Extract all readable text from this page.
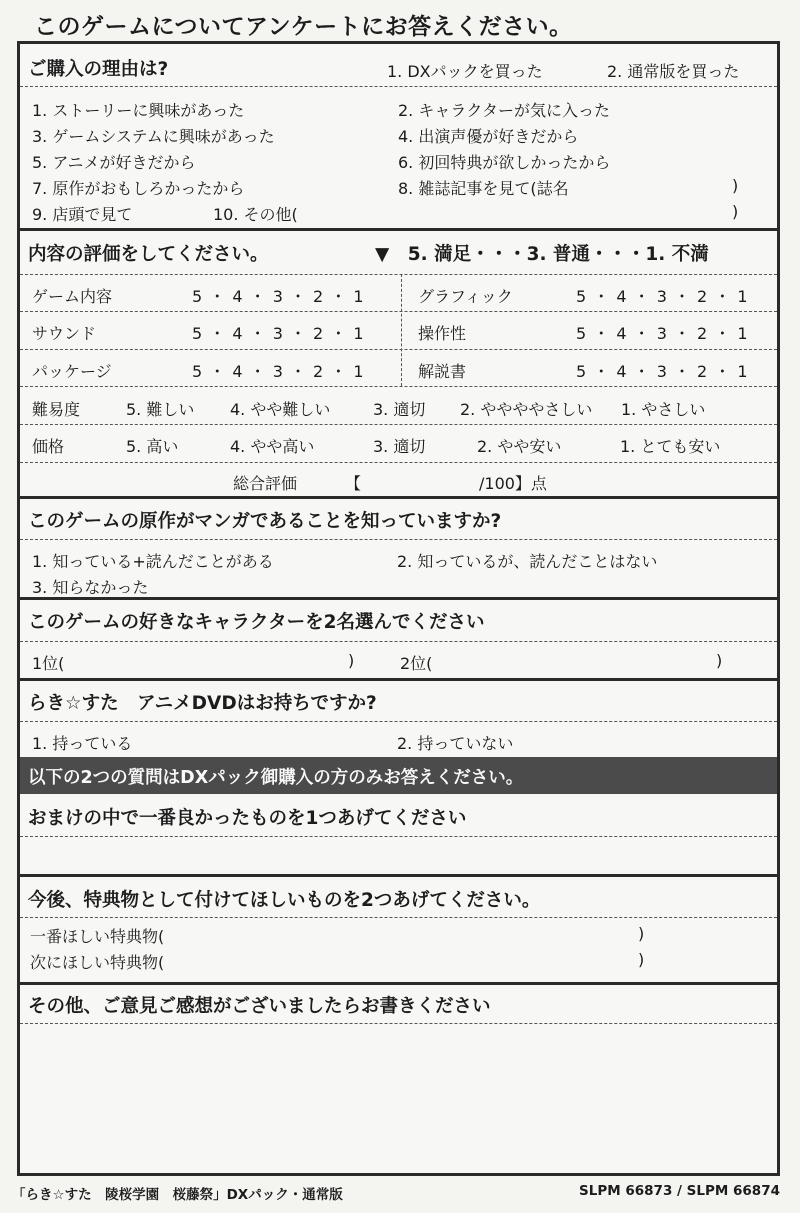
このゲームについてアンケートにお答えください。
ご購入の理由は?	1. DXパックを買った	2. 通常版を買った
1. ストーリーに興味があった	2. キャラクターが気に入った
3. ゲームシステムに興味があった	4. 出演声優が好きだから
5. アニメが好きだから	6. 初回特典が欲しかったから
7. 原作がおもしろかったから	8. 雑誌記事を見て(誌名	)
9. 店頭で見て	10. その他(	)
内容の評価をしてください。	▼　5. 満足・・・3. 普通・・・1. 不満
ゲーム内容	5 ・ 4 ・ 3 ・ 2 ・ 1	グラフィック	5 ・ 4 ・ 3 ・ 2 ・ 1
サウンド	5 ・ 4 ・ 3 ・ 2 ・ 1	操作性	5 ・ 4 ・ 3 ・ 2 ・ 1
パッケージ	5 ・ 4 ・ 3 ・ 2 ・ 1	解説書	5 ・ 4 ・ 3 ・ 2 ・ 1
難易度	5. 難しい 4. やや難しい	3. 適切 2. ややややさしい 1. やさしい
価格	5. 高い	4. やや高い	3. 適切	2. やや安い	1. とても安い
総合評価	【	/100】点
このゲームの原作がマンガであることを知っていますか?
1. 知っている+読んだことがある	2. 知っているが、読んだことはない
3. 知らなかった
このゲームの好きなキャラクターを2名選んでください
1位(	)	2位(	)
らき☆すた　アニメDVDはお持ちですか?
1. 持っている	2. 持っていない
以下の2つの質問はDXパック御購入の方のみお答えください。
おまけの中で一番良かったものを1つあげてください
今後、特典物として付けてほしいものを2つあげてください。
一番ほしい特典物(	)
次にほしい特典物(	)
その他、ご意見ご感想がございましたらお書きください
「らき☆すた　陵桜学園　桜藤祭」DXパック・通常版	SLPM 66873 / SLPM 66874
